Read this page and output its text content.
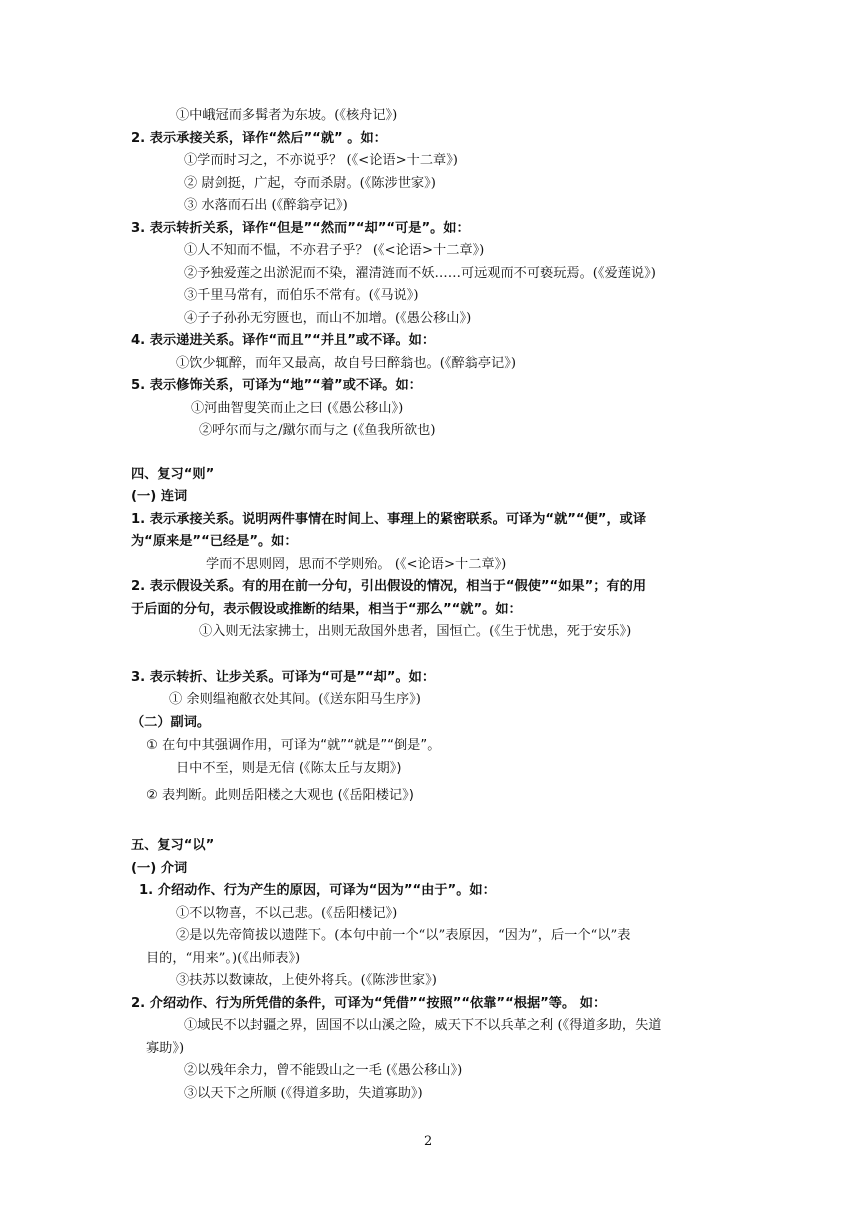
①中峨冠而多髯者为东坡。(《核舟记》)
2. 表示承接关系，译作“然后”“就” 。如：
①学而时习之，不亦说乎？ (《<论语>十二章》)
② 尉剑挺，广起，夺而杀尉。(《陈涉世家》)
③ 水落而石出 (《醉翁亭记》)
3. 表示转折关系，译作“但是”“然而”“却”“可是”。如：
①人不知而不愠，不亦君子乎？ (《<论语>十二章》)
②予独爱莲之出淤泥而不染，濯清涟而不妖……可远观而不可亵玩焉。(《爱莲说》)
③千里马常有，而伯乐不常有。(《马说》)
④子子孙孙无穷匮也，而山不加增。(《愚公移山》)
4. 表示递进关系。译作“而且”“并且”或不译。如：
①饮少辄醉，而年又最高，故自号曰醉翁也。(《醉翁亭记》)
5. 表示修饰关系，可译为“地”“着”或不译。如：
①河曲智叟笑而止之曰 (《愚公移山》)
②呼尔而与之/蹴尔而与之 (《鱼我所欲也)
四、复习“则”
(一) 连词
1. 表示承接关系。说明两件事情在时间上、事理上的紧密联系。可译为“就”“便”，或译
为“原来是”“已经是”。如：
学而不思则罔，思而不学则殆。 (《<论语>十二章》)
2. 表示假设关系。有的用在前一分句，引出假设的情况，相当于“假使”“如果”；有的用
于后面的分句，表示假设或推断的结果，相当于“那么”“就”。如：
①入则无法家拂士，出则无敌国外患者，国恒亡。(《生于忧患，死于安乐》)
3. 表示转折、让步关系。可译为“可是”“却”。如：
① 余则缊袍敝衣处其间。(《送东阳马生序》)
（二）副词。
① 在句中其强调作用，可译为“就”“就是”“倒是”。
日中不至，则是无信 (《陈太丘与友期》)
② 表判断。此则岳阳楼之大观也 (《岳阳楼记》)
五、复习“以”
(一) 介词
1. 介绍动作、行为产生的原因，可译为“因为”“由于”。如：
①不以物喜，不以己悲。(《岳阳楼记》)
②是以先帝简拔以遗陛下。(本句中前一个“以”表原因，“因为”，后一个“以”表
目的，“用来”。)(《出师表》)
③扶苏以数谏故，上使外将兵。(《陈涉世家》)
2. 介绍动作、行为所凭借的条件，可译为“凭借”“按照”“依靠”“根据”等。 如：
①域民不以封疆之界，固国不以山溪之险，威天下不以兵革之利 (《得道多助，失道
寡助》)
②以残年余力，曾不能毁山之一毛 (《愚公移山》)
③以天下之所顺 (《得道多助，失道寡助》)
2
